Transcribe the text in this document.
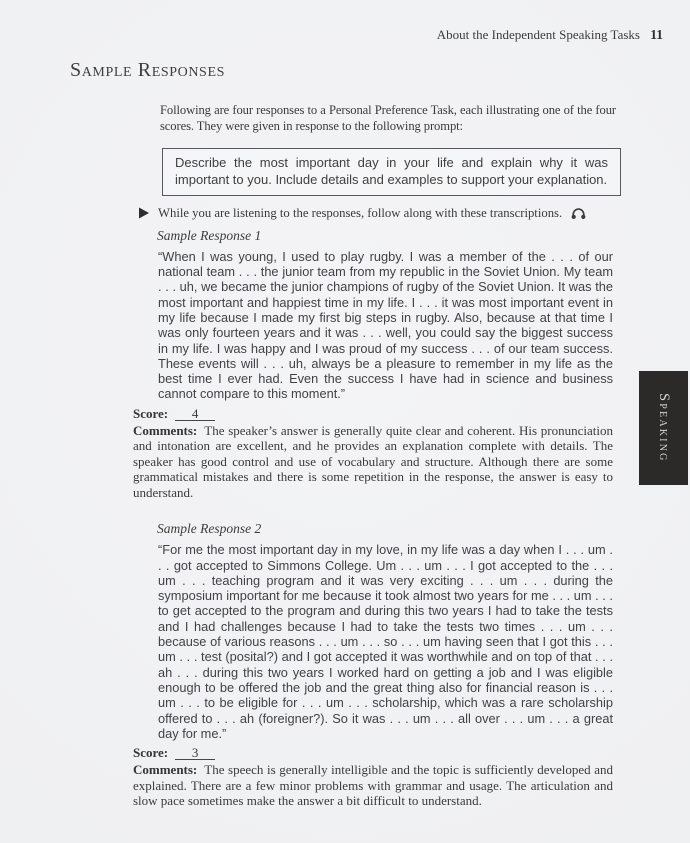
About the Independent Speaking Tasks 11
Sample Responses

Following are four responses to a Personal Preference Task, each illustrating one of the four scores. They were given in response to the following prompt:

Describe the most important day in your life and explain why it was important to you. Include details and examples to support your explanation.

While you are listening to the responses, follow along with these transcriptions.
Sample Response 1

“When I was young, I used to play rugby. I was a member of the . . . of our national team . . . the junior team from my republic in the Soviet Union. My team . . . uh, we became the junior champions of rugby of the Soviet Union. It was the most important and happiest time in my life. I . . . it was most important event in my life because I made my first big steps in rugby. Also, because at that time I was only fourteen years and it was . . . well, you could say the biggest success in my life. I was happy and I was proud of my success . . . of our team success. These events will . . . uh, always be a pleasure to remember in my life as the best time I ever had. Even the success I have had in science and business cannot compare to this moment.”

Score: 4

Comments: The speaker’s answer is generally quite clear and coherent. His pronunciation and intonation are excellent, and he provides an explanation complete with details. The speaker has good control and use of vocabulary and structure. Although there are some grammatical mistakes and there is some repetition in the response, the answer is easy to understand.

Sample Response 2

“For me the most important day in my love, in my life was a day when I . . . um . . . got accepted to Simmons College. Um . . . um . . . I got accepted to the . . . um . . . teaching program and it was very exciting . . . um . . . during the symposium important for me because it took almost two years for me . . . um . . . to get accepted to the program and during this two years I had to take the tests and I had challenges because I had to take the tests two times . . . um . . . because of various reasons . . . um . . . so . . . um having seen that I got this . . . um . . . test (posital?) and I got accepted it was worthwhile and on top of that . . . ah . . . during this two years I worked hard on getting a job and I was eligible enough to be offered the job and the great thing also for financial reason is . . . um . . . to be eligible for . . . um . . . scholarship, which was a rare scholarship offered to . . . ah (foreigner?). So it was . . . um . . . all over . . . um . . . a great day for me.”

Score: 3

Comments: The speech is generally intelligible and the topic is sufficiently developed and explained. There are a few minor problems with grammar and usage. The articulation and slow pace sometimes make the answer a bit difficult to understand.

Speaking
